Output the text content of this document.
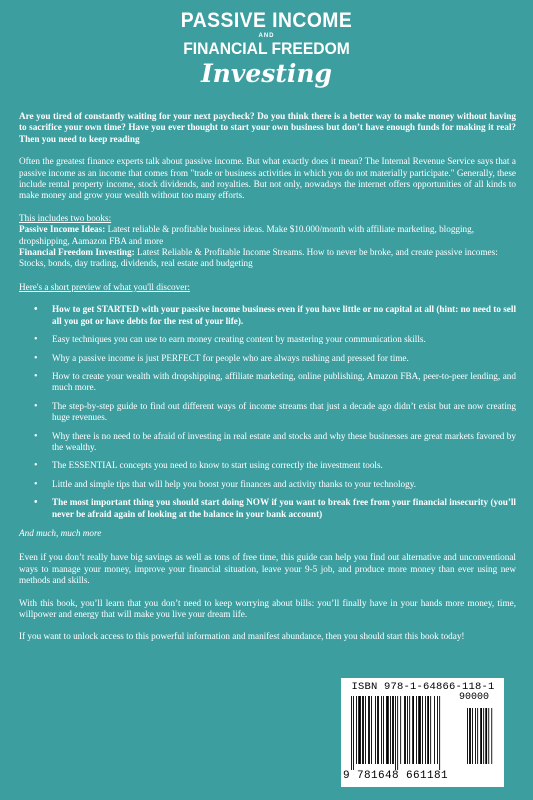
PASSIVE INCOME
AND
FINANCIAL FREEDOM
Investing

Are you tired of constantly waiting for your next paycheck? Do you think there is a better way to make money without having to sacrifice your own time? Have you ever thought to start your own business but don’t have enough funds for making it real? Then you need to keep reading

Often the greatest finance experts talk about passive income. But what exactly does it mean? The Internal Revenue Service says that a passive income as an income that comes from "trade or business activities in which you do not materially participate." Generally, these include rental property income, stock dividends, and royalties. But not only, nowadays the internet offers opportunities of all kinds to make money and grow your wealth without too many efforts.

This includes two books:
Passive Income Ideas: Latest reliable & profitable business ideas. Make $10.000/month with affiliate marketing, blogging, dropshipping, Aamazon FBA and more
Financial Freedom Investing: Latest Reliable & Profitable Income Streams. How to never be broke, and create passive incomes: Stocks, bonds, day trading, dividends, real estate and budgeting

Here's a short preview of what you'll discover:

• How to get STARTED with your passive income business even if you have little or no capital at all (hint: no need to sell all you got or have debts for the rest of your life).
• Easy techniques you can use to earn money creating content by mastering your communication skills.
• Why a passive income is just PERFECT for people who are always rushing and pressed for time.
• How to create your wealth with dropshipping, affiliate marketing, online publishing, Amazon FBA, peer-to-peer lending, and much more.
• The step-by-step guide to find out different ways of income streams that just a decade ago didn’t exist but are now creating huge revenues.
• Why there is no need to be afraid of investing in real estate and stocks and why these businesses are great markets favored by the wealthy.
• The ESSENTIAL concepts you need to know to start using correctly the investment tools.
• Little and simple tips that will help you boost your finances and activity thanks to your technology.
• The most important thing you should start doing NOW if you want to break free from your financial insecurity (you’ll never be afraid again of looking at the balance in your bank account)

And much, much more

Even if you don’t really have big savings as well as tons of free time, this guide can help you find out alternative and unconventional ways to manage your money, improve your financial situation, leave your 9-5 job, and produce more money than ever using new methods and skills.

With this book, you’ll learn that you don’t need to keep worrying about bills: you’ll finally have in your hands more money, time, willpower and energy that will make you live your dream life.

If you want to unlock access to this powerful information and manifest abundance, then you should start this book today!

ISBN 978-1-64866-118-1
90000
9 781648 661181
